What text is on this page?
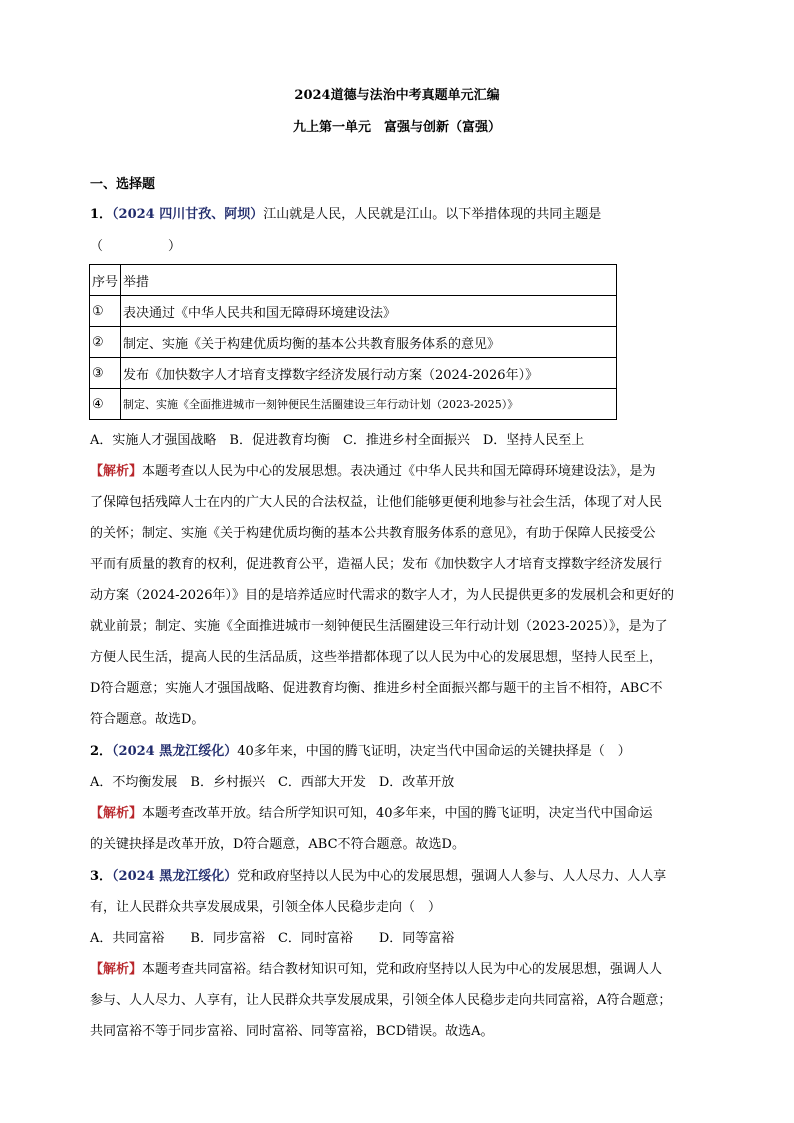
2024道德与法治中考真题单元汇编
九上第一单元　富强与创新（富强）
一、选择题
1．（2024 四川甘孜、阿坝）江山就是人民，人民就是江山。以下举措体现的共同主题是
（　　　　　）
序号	举措
①	表决通过《中华人民共和国无障碍环境建设法》
②	制定、实施《关于构建优质均衡的基本公共教育服务体系的意见》
③	发布《加快数字人才培育支撑数字经济发展行动方案（2024-2026年）》
④	制定、实施《全面推进城市一刻钟便民生活圈建设三年行动计划（2023-2025）》
A．实施人才强国战略　B．促进教育均衡　C．推进乡村全面振兴　D．坚持人民至上
【解析】本题考查以人民为中心的发展思想。表决通过《中华人民共和国无障碍环境建设法》，是为
了保障包括残障人士在内的广大人民的合法权益，让他们能够更便利地参与社会生活，体现了对人民
的关怀；制定、实施《关于构建优质均衡的基本公共教育服务体系的意见》，有助于保障人民接受公
平而有质量的教育的权利，促进教育公平，造福人民；发布《加快数字人才培育支撑数字经济发展行
动方案（2024-2026年）》目的是培养适应时代需求的数字人才，为人民提供更多的发展机会和更好的
就业前景；制定、实施《全面推进城市一刻钟便民生活圈建设三年行动计划（2023-2025）》，是为了
方便人民生活，提高人民的生活品质，这些举措都体现了以人民为中心的发展思想，坚持人民至上，
D符合题意；实施人才强国战略、促进教育均衡、推进乡村全面振兴都与题干的主旨不相符，ABC不
符合题意。故选D。
2．（2024 黑龙江绥化）40多年来，中国的腾飞证明，决定当代中国命运的关键抉择是（　）
A．不均衡发展　B．乡村振兴　C．西部大开发　D．改革开放
【解析】本题考查改革开放。结合所学知识可知，40多年来，中国的腾飞证明，决定当代中国命运
的关键抉择是改革开放，D符合题意，ABC不符合题意。故选D。
3．（2024 黑龙江绥化）党和政府坚持以人民为中心的发展思想，强调人人参与、人人尽力、人人享
有，让人民群众共享发展成果，引领全体人民稳步走向（　）
A．共同富裕　　B．同步富裕　C．同时富裕　　D．同等富裕
【解析】本题考查共同富裕。结合教材知识可知，党和政府坚持以人民为中心的发展思想，强调人人
参与、人人尽力、人享有，让人民群众共享发展成果，引领全体人民稳步走向共同富裕，A符合题意；
共同富裕不等于同步富裕、同时富裕、同等富裕，BCD错误。故选A。
